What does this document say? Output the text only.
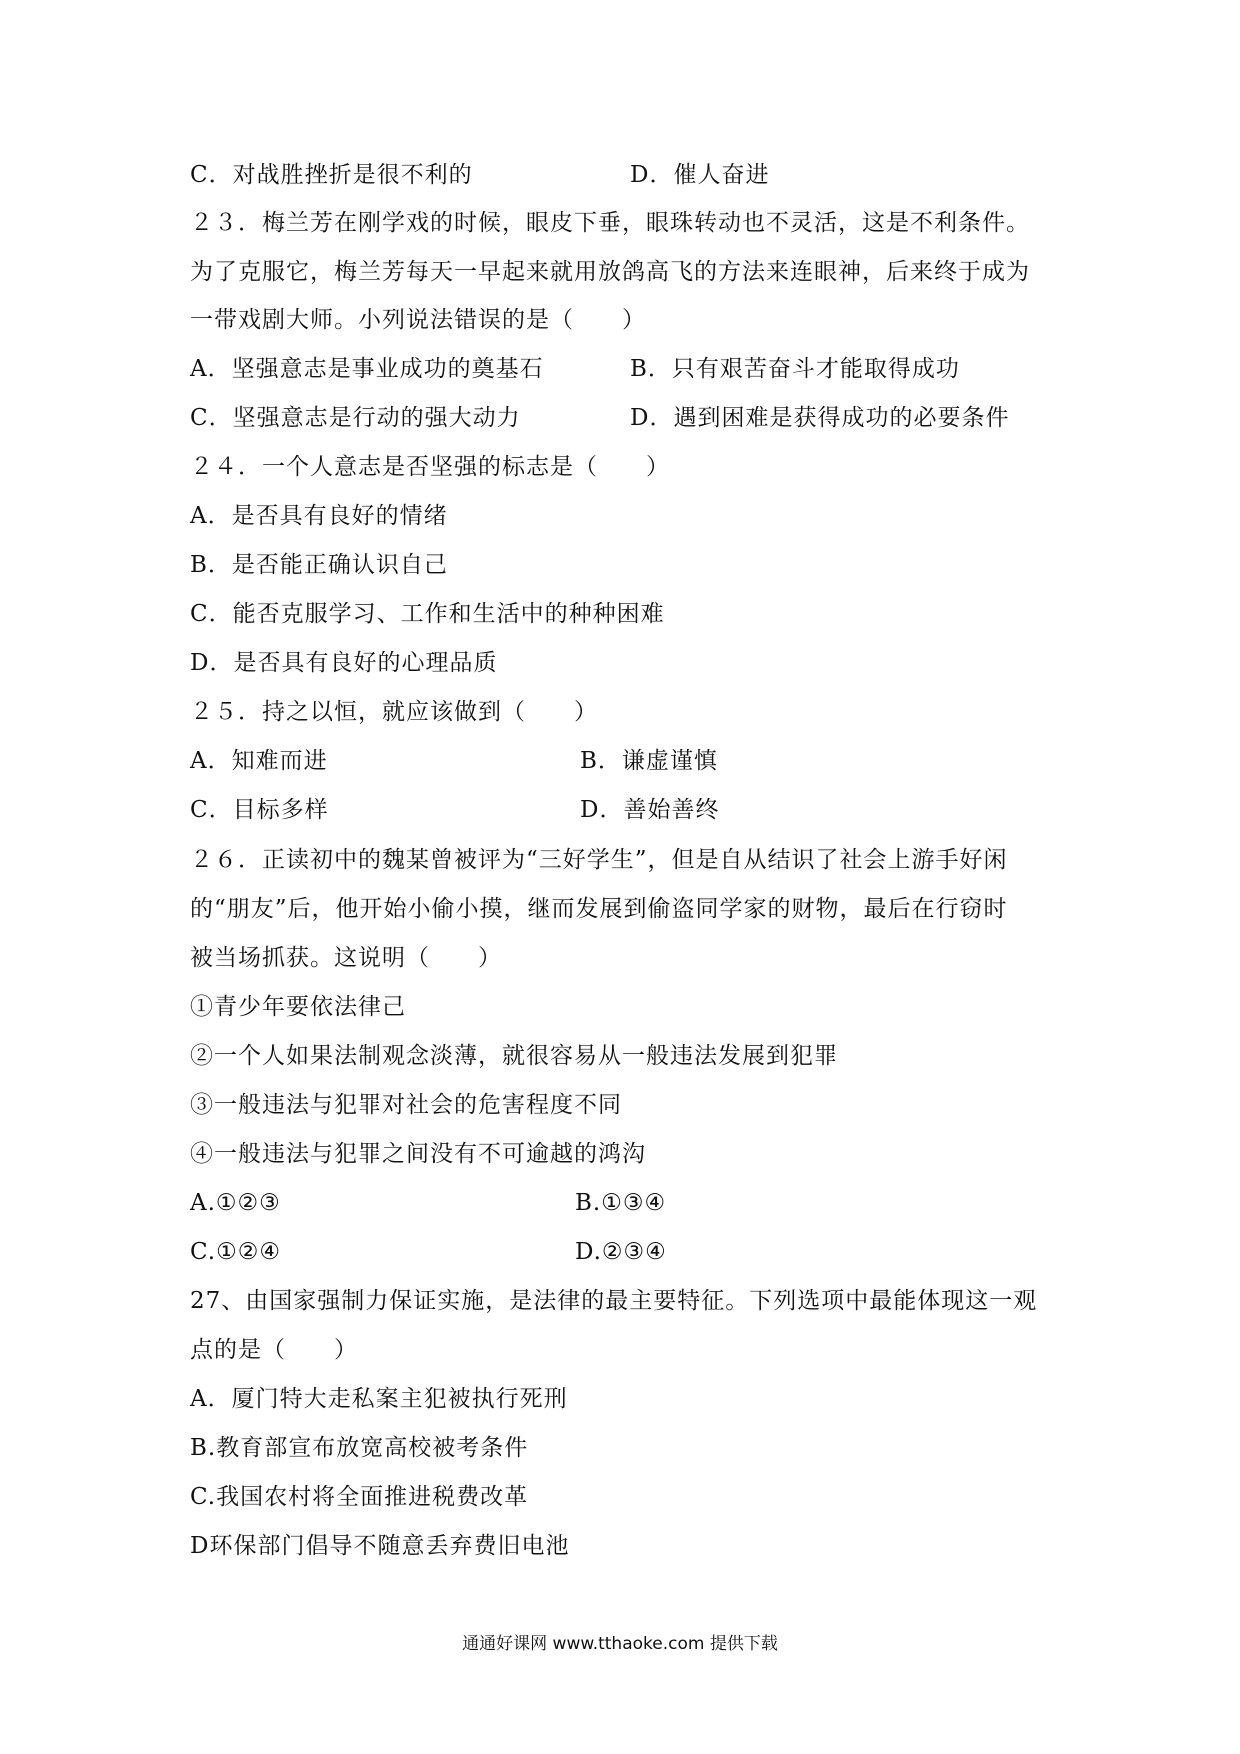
C．对战胜挫折是很不利的	D．催人奋进
２３．梅兰芳在刚学戏的时候，眼皮下垂，眼珠转动也不灵活，这是不利条件。
为了克服它，梅兰芳每天一早起来就用放鸽高飞的方法来连眼神，后来终于成为
一带戏剧大师。小列说法错误的是（　　）
A．坚强意志是事业成功的奠基石	B．只有艰苦奋斗才能取得成功
C．坚强意志是行动的强大动力	D．遇到困难是获得成功的必要条件
２４．一个人意志是否坚强的标志是（　　）
A．是否具有良好的情绪
B．是否能正确认识自己
C．能否克服学习、工作和生活中的种种困难
D．是否具有良好的心理品质
２５．持之以恒，就应该做到（　　）
A．知难而进	B．谦虚谨慎
C．目标多样	D．善始善终
２６．正读初中的魏某曾被评为“三好学生”，但是自从结识了社会上游手好闲
的“朋友”后，他开始小偷小摸，继而发展到偷盗同学家的财物，最后在行窃时
被当场抓获。这说明（　　）
①青少年要依法律己
②一个人如果法制观念淡薄，就很容易从一般违法发展到犯罪
③一般违法与犯罪对社会的危害程度不同
④一般违法与犯罪之间没有不可逾越的鸿沟
A.①②③	B.①③④
C.①②④	D.②③④
27、由国家强制力保证实施，是法律的最主要特征。下列选项中最能体现这一观
点的是（　　）
A．厦门特大走私案主犯被执行死刑
B.教育部宣布放宽高校被考条件
C.我国农村将全面推进税费改革
D环保部门倡导不随意丢弃费旧电池
通通好课网 www.tthaoke.com 提供下载
